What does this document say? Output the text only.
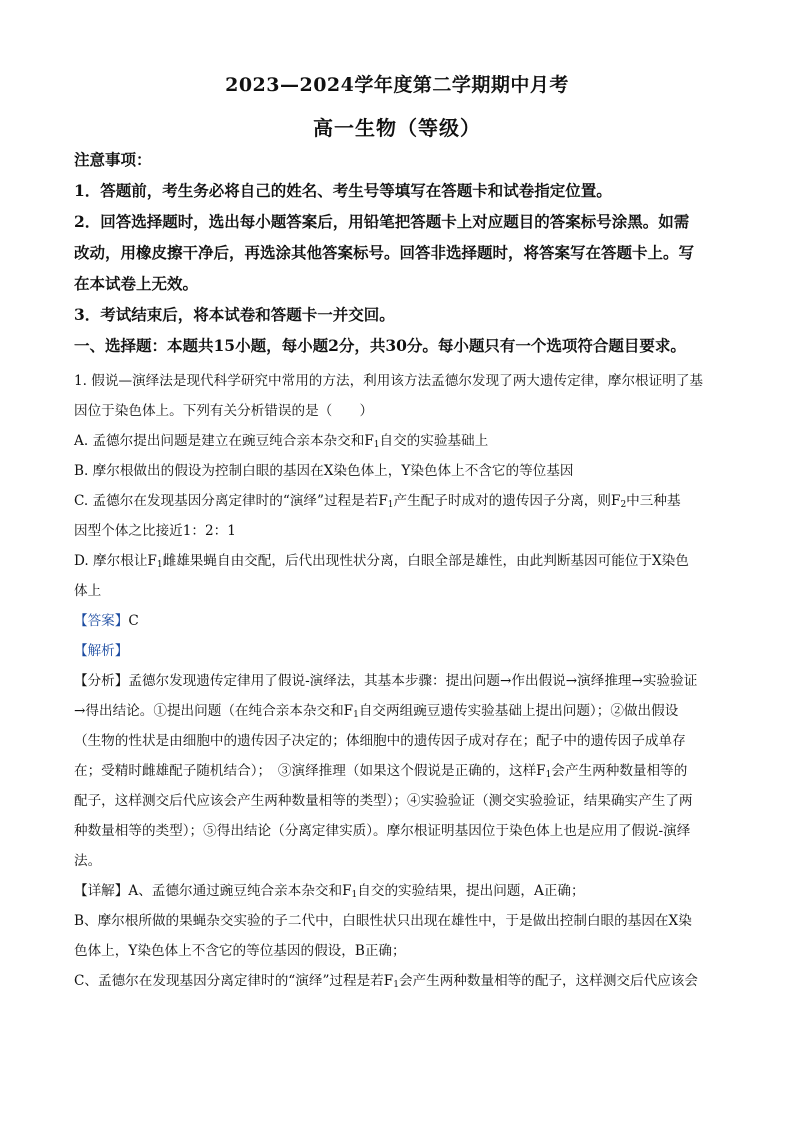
2023—2024学年度第二学期期中月考
高一生物（等级）
注意事项：
1．答题前，考生务必将自己的姓名、考生号等填写在答题卡和试卷指定位置。
2．回答选择题时，选出每小题答案后，用铅笔把答题卡上对应题目的答案标号涂黑。如需
改动，用橡皮擦干净后，再选涂其他答案标号。回答非选择题时，将答案写在答题卡上。写
在本试卷上无效。
3．考试结束后，将本试卷和答题卡一并交回。
一、选择题：本题共15小题，每小题2分，共30分。每小题只有一个选项符合题目要求。
1. 假说—演绎法是现代科学研究中常用的方法，利用该方法孟德尔发现了两大遗传定律，摩尔根证明了基
因位于染色体上。下列有关分析错误的是（　　）
A. 孟德尔提出问题是建立在豌豆纯合亲本杂交和$F_1$自交的实验基础上
B. 摩尔根做出的假设为控制白眼的基因在X染色体上，Y染色体上不含它的等位基因
C. 孟德尔在发现基因分离定律时的“演绎”过程是若$F_1$产生配子时成对的遗传因子分离，则$F_2$中三种基
因型个体之比接近1：2：1
D. 摩尔根让$F_1$雌雄果蝇自由交配，后代出现性状分离，白眼全部是雄性，由此判断基因可能位于X染色
体上
【答案】C
【解析】
【分析】孟德尔发现遗传定律用了假说-演绎法，其基本步骤：提出问题→作出假说→演绎推理→实验验证
→得出结论。①提出问题（在纯合亲本杂交和$F_1$自交两组豌豆遗传实验基础上提出问题）；②做出假设
（生物的性状是由细胞中的遗传因子决定的；体细胞中的遗传因子成对存在；配子中的遗传因子成单存
在；受精时雌雄配子随机结合）；　③演绎推理（如果这个假说是正确的，这样$F_1$会产生两种数量相等的
配子，这样测交后代应该会产生两种数量相等的类型）；④实验验证（测交实验验证，结果确实产生了两
种数量相等的类型）；⑤得出结论（分离定律实质）。摩尔根证明基因位于染色体上也是应用了假说-演绎
法。
【详解】A、孟德尔通过豌豆纯合亲本杂交和$F_1$自交的实验结果，提出问题，A正确；
B、摩尔根所做的果蝇杂交实验的子二代中，白眼性状只出现在雄性中，于是做出控制白眼的基因在X染
色体上，Y染色体上不含它的等位基因的假设，B正确；
C、孟德尔在发现基因分离定律时的“演绎”过程是若$F_1$会产生两种数量相等的配子，这样测交后代应该会
